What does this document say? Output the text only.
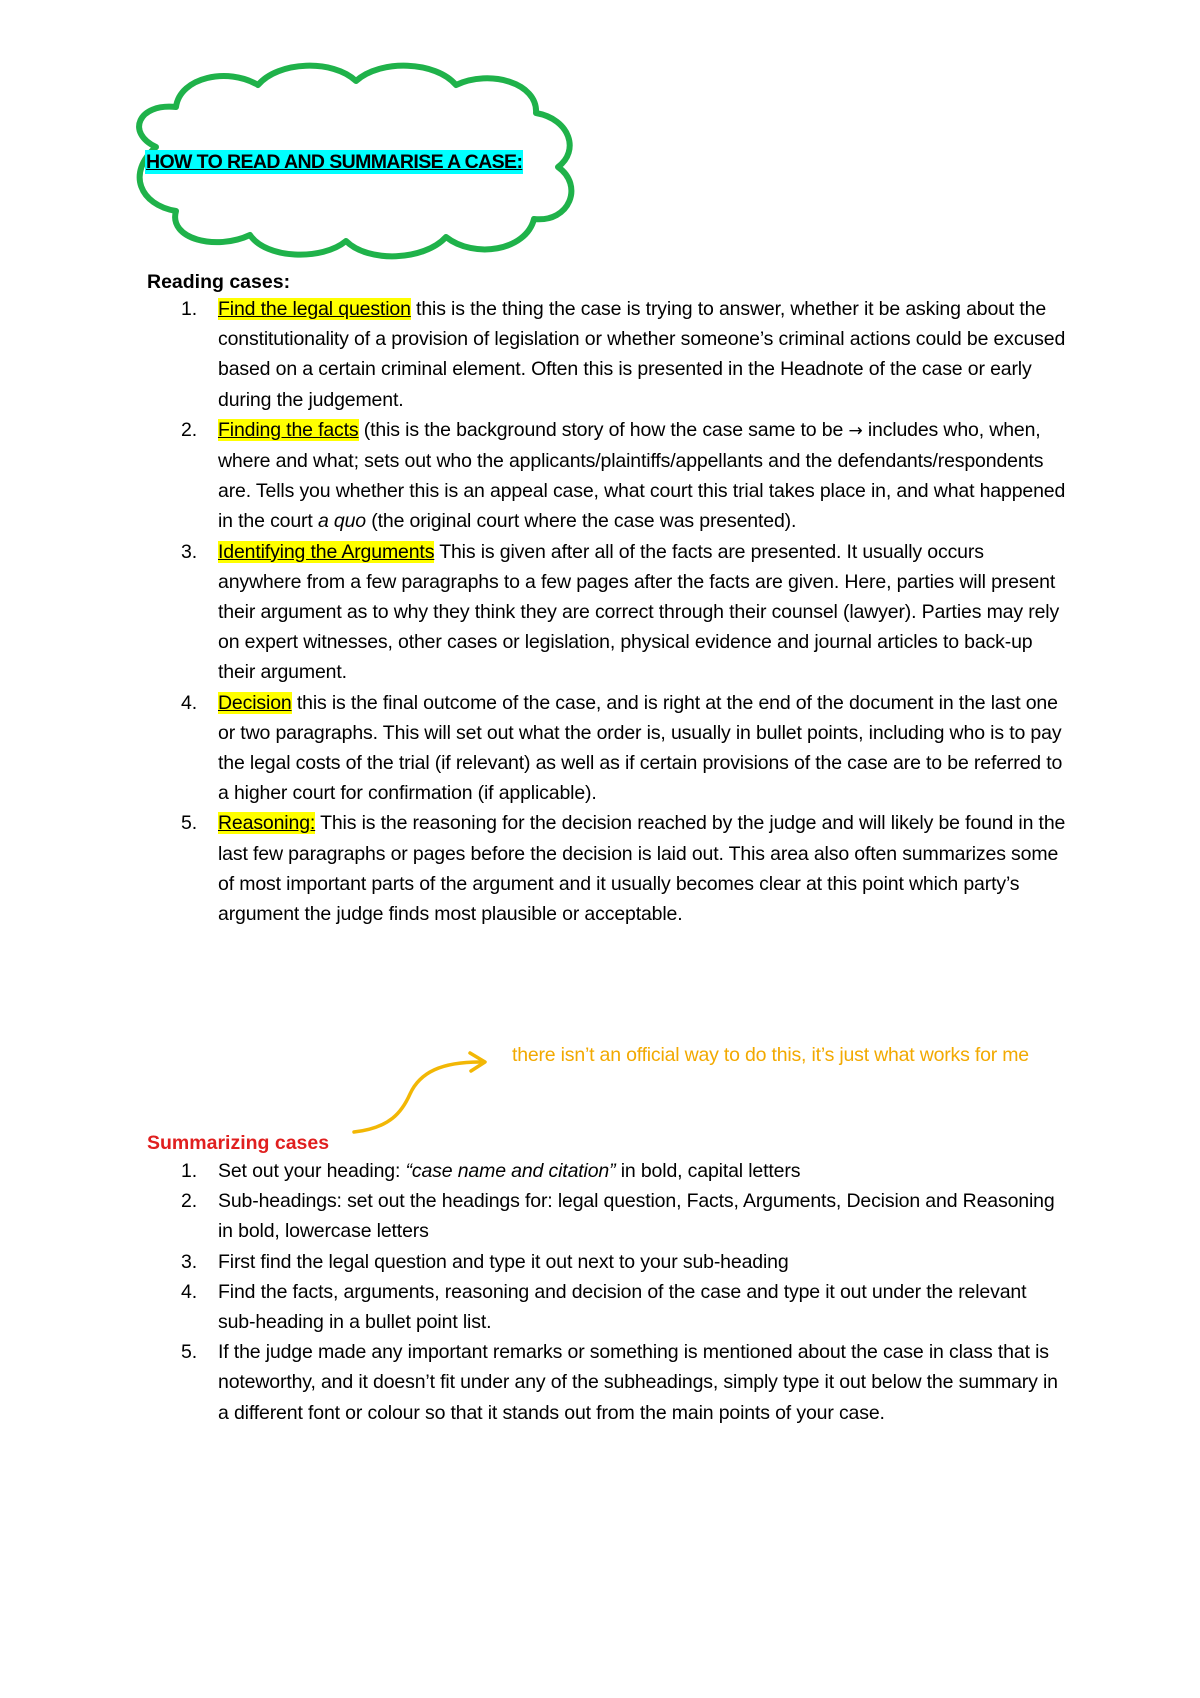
HOW TO READ AND SUMMARISE A CASE:
Reading cases:
1. Find the legal question this is the thing the case is trying to answer, whether it be asking about the constitutionality of a provision of legislation or whether someone’s criminal actions could be excused based on a certain criminal element. Often this is presented in the Headnote of the case or early during the judgement.
2. Finding the facts (this is the background story of how the case same to be → includes who, when, where and what; sets out who the applicants/plaintiffs/appellants and the defendants/respondents are. Tells you whether this is an appeal case, what court this trial takes place in, and what happened in the court a quo (the original court where the case was presented).
3. Identifying the Arguments This is given after all of the facts are presented. It usually occurs anywhere from a few paragraphs to a few pages after the facts are given. Here, parties will present their argument as to why they think they are correct through their counsel (lawyer). Parties may rely on expert witnesses, other cases or legislation, physical evidence and journal articles to back-up their argument.
4. Decision this is the final outcome of the case, and is right at the end of the document in the last one or two paragraphs. This will set out what the order is, usually in bullet points, including who is to pay the legal costs of the trial (if relevant) as well as if certain provisions of the case are to be referred to a higher court for confirmation (if applicable).
5. Reasoning: This is the reasoning for the decision reached by the judge and will likely be found in the last few paragraphs or pages before the decision is laid out. This area also often summarizes some of most important parts of the argument and it usually becomes clear at this point which party’s argument the judge finds most plausible or acceptable.
there isn’t an official way to do this, it’s just what works for me
Summarizing cases
1. Set out your heading: “case name and citation” in bold, capital letters
2. Sub-headings: set out the headings for: legal question, Facts, Arguments, Decision and Reasoning in bold, lowercase letters
3. First find the legal question and type it out next to your sub-heading
4. Find the facts, arguments, reasoning and decision of the case and type it out under the relevant sub-heading in a bullet point list.
5. If the judge made any important remarks or something is mentioned about the case in class that is noteworthy, and it doesn’t fit under any of the subheadings, simply type it out below the summary in a different font or colour so that it stands out from the main points of your case.
